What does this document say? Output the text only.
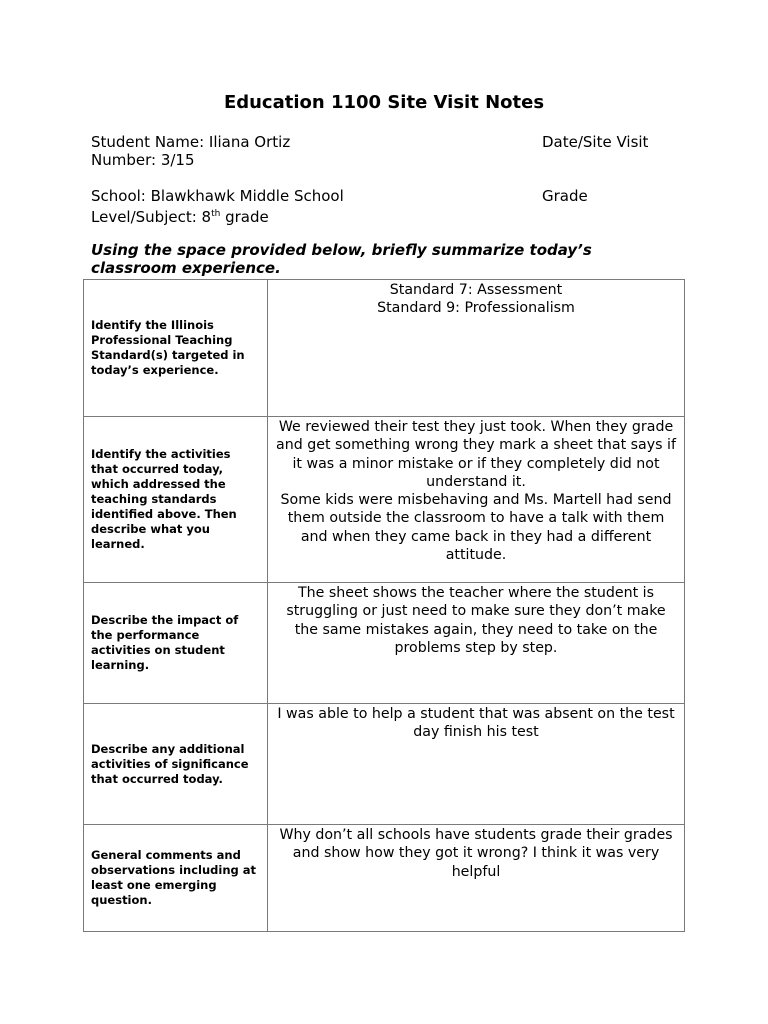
Education 1100 Site Visit Notes
Student Name: Iliana Ortiz	Date/Site Visit
Number: 3/15
School: Blawkhawk Middle School	Grade
Level/Subject: 8th grade
Using the space provided below, briefly summarize today’s classroom experience.
Identify the Illinois Professional Teaching Standard(s) targeted in today’s experience.	Standard 7: Assessment
Standard 9: Professionalism

Identify the activities that occurred today, which addressed the teaching standards identified above. Then describe what you learned.	We reviewed their test they just took. When they grade and get something wrong they mark a sheet that says if it was a minor mistake or if they completely did not understand it.
Some kids were misbehaving and Ms. Martell had send them outside the classroom to have a talk with them and when they came back in they had a different attitude.

Describe the impact of the performance activities on student learning.	The sheet shows the teacher where the student is struggling or just need to make sure they don’t make the same mistakes again, they need to take on the problems step by step.

Describe any additional activities of significance that occurred today.	I was able to help a student that was absent on the test day finish his test

General comments and observations including at least one emerging question.	Why don’t all schools have students grade their grades and show how they got it wrong? I think it was very helpful
